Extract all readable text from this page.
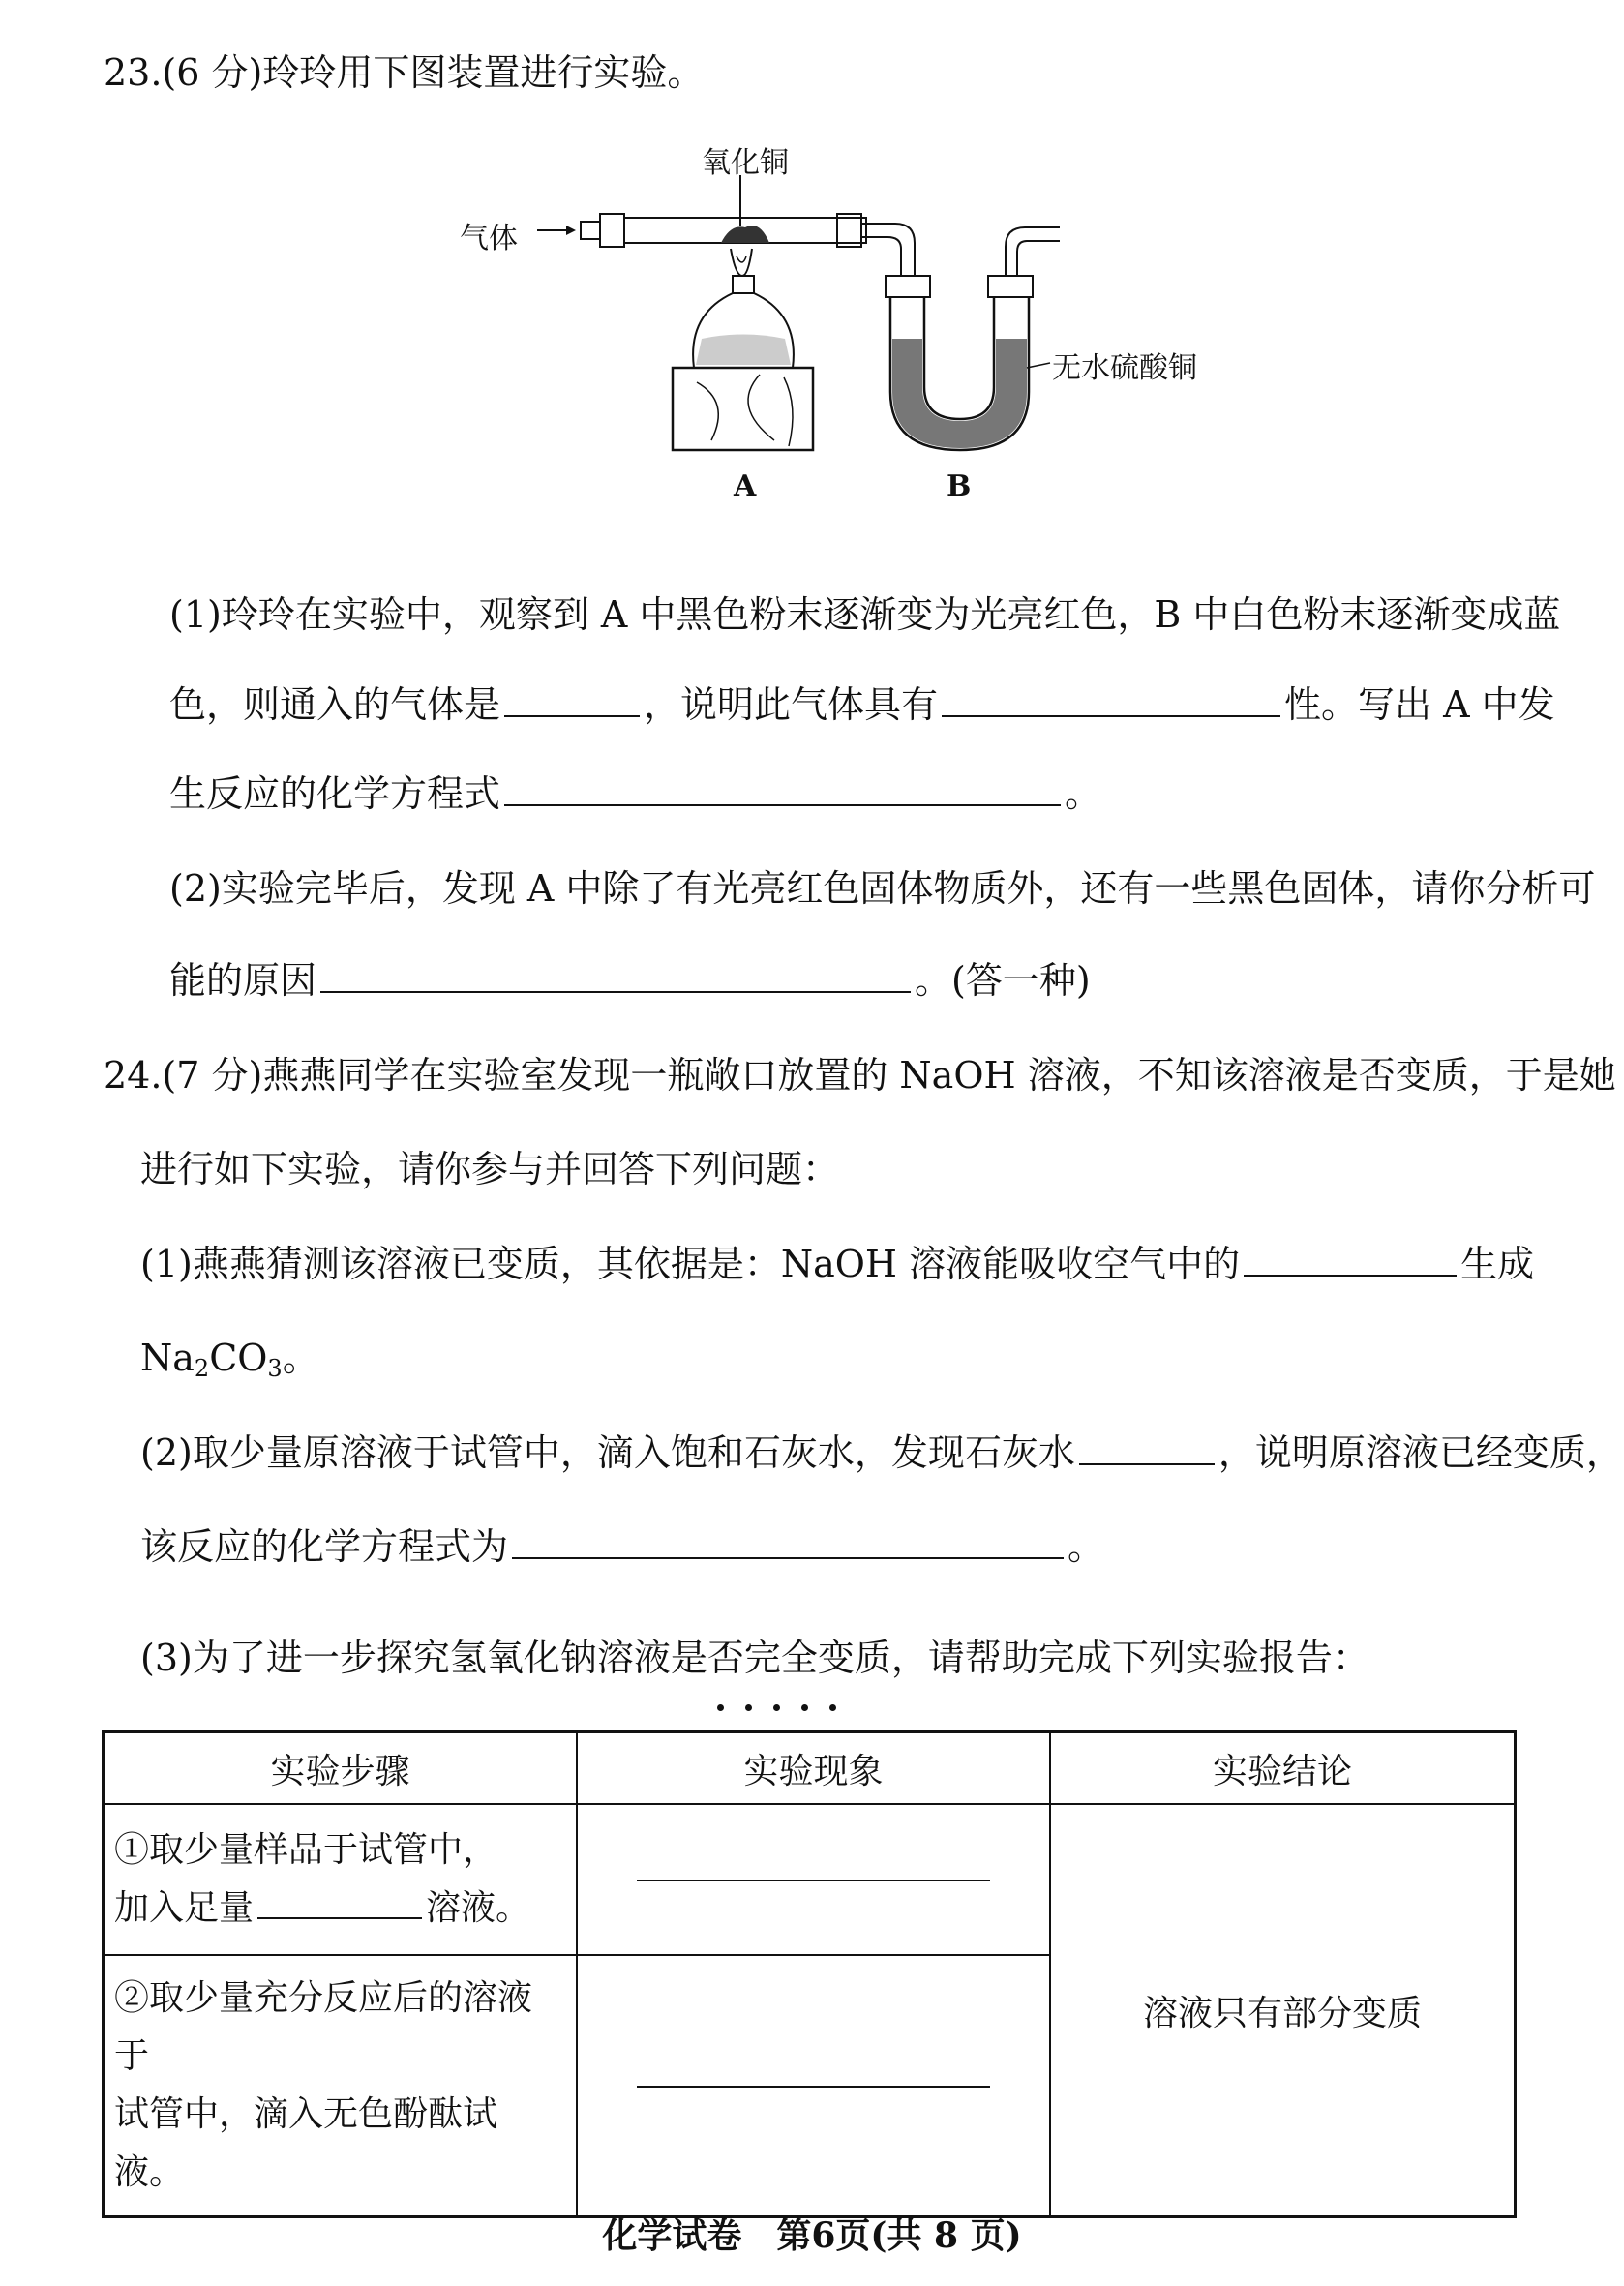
23.(6 分)玲玲用下图装置进行实验。
氧化铜
气体
无水硫酸铜
A	B
(1)玲玲在实验中，观察到 A 中黑色粉末逐渐变为光亮红色，B 中白色粉末逐渐变成蓝
色，则通入的气体是	，说明此气体具有	性。写出 A 中发
生反应的化学方程式	。
(2)实验完毕后，发现 A 中除了有光亮红色固体物质外，还有一些黑色固体，请你分析可
能的原因	。(答一种)
24.(7 分)燕燕同学在实验室发现一瓶敞口放置的 NaOH 溶液，不知该溶液是否变质，于是她
进行如下实验，请你参与并回答下列问题：
(1)燕燕猜测该溶液已变质，其依据是：NaOH 溶液能吸收空气中的	生成
$Na_2CO_3$。
(2)取少量原溶液于试管中，滴入饱和石灰水，发现石灰水	，说明原溶液已经变质，
该反应的化学方程式为	。
(3)为了进一步探究氢氧化钠溶液是否完全变质
，请帮助完成下列实验报告：
实验步骤	实验现象	实验结论

①取少量样品于试管中，
加入足量 溶液。		溶液只有部分变质

②取少量充分反应后的溶液于
试管中，滴入无色酚酞试液。		

化学试卷　第6页(共 8 页)
